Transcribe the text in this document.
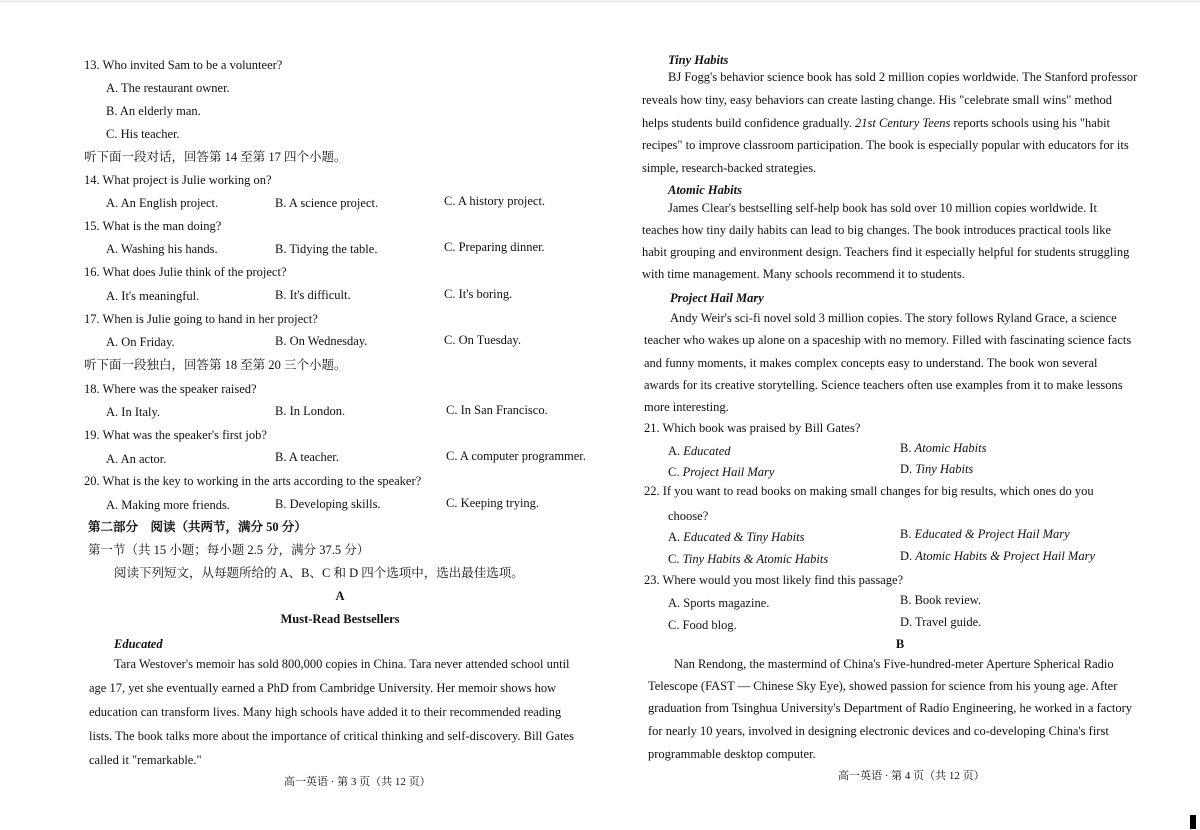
13. Who invited Sam to be a volunteer?
A. The restaurant owner.
B. An elderly man.
C. His teacher.
听下面一段对话，回答第 14 至第 17 四个小题。
14. What project is Julie working on?
A. An English project.	B. A science project.	C. A history project.
15. What is the man doing?
A. Washing his hands.	B. Tidying the table.	C. Preparing dinner.
16. What does Julie think of the project?
A. It's meaningful.	B. It's difficult.	C. It's boring.
17. When is Julie going to hand in her project?
A. On Friday.	B. On Wednesday.	C. On Tuesday.
听下面一段独白，回答第 18 至第 20 三个小题。
18. Where was the speaker raised?
A. In Italy.	B. In London.	C. In San Francisco.
19. What was the speaker's first job?
A. An actor.	B. A teacher.	C. A computer programmer.
20. What is the key to working in the arts according to the speaker?
A. Making more friends.	B. Developing skills.	C. Keeping trying.
第二部分　阅读（共两节，满分 50 分）
第一节（共 15 小题；每小题 2.5 分，满分 37.5 分）
阅读下列短文，从每题所给的 A、B、C 和 D 四个选项中，选出最佳选项。
A
Must-Read Bestsellers
Educated
Tara Westover's memoir has sold 800,000 copies in China. Tara never attended school until
age 17, yet she eventually earned a PhD from Cambridge University. Her memoir shows how
education can transform lives. Many high schools have added it to their recommended reading
lists. The book talks more about the importance of critical thinking and self-discovery. Bill Gates
called it "remarkable."
高一英语 · 第 3 页（共 12 页）
Tiny Habits
BJ Fogg's behavior science book has sold 2 million copies worldwide. The Stanford professor
reveals how tiny, easy behaviors can create lasting change. His "celebrate small wins" method
helps students build confidence gradually. 21st Century Teens reports schools using his "habit
recipes" to improve classroom participation. The book is especially popular with educators for its
simple, research-backed strategies.
Atomic Habits
James Clear's bestselling self-help book has sold over 10 million copies worldwide. It
teaches how tiny daily habits can lead to big changes. The book introduces practical tools like
habit grouping and environment design. Teachers find it especially helpful for students struggling
with time management. Many schools recommend it to students.
Project Hail Mary
Andy Weir's sci-fi novel sold 3 million copies. The story follows Ryland Grace, a science
teacher who wakes up alone on a spaceship with no memory. Filled with fascinating science facts
and funny moments, it makes complex concepts easy to understand. The book won several
awards for its creative storytelling. Science teachers often use examples from it to make lessons
more interesting.
21. Which book was praised by Bill Gates?
A. Educated	B. Atomic Habits
C. Project Hail Mary	D. Tiny Habits
22. If you want to read books on making small changes for big results, which ones do you
choose?
A. Educated & Tiny Habits	B. Educated & Project Hail Mary
C. Tiny Habits & Atomic Habits	D. Atomic Habits & Project Hail Mary
23. Where would you most likely find this passage?
A. Sports magazine.	B. Book review.
C. Food blog.	D. Travel guide.
B
Nan Rendong, the mastermind of China's Five-hundred-meter Aperture Spherical Radio
Telescope (FAST — Chinese Sky Eye), showed passion for science from his young age. After
graduation from Tsinghua University's Department of Radio Engineering, he worked in a factory
for nearly 10 years, involved in designing electronic devices and co-developing China's first
programmable desktop computer.
高一英语 · 第 4 页（共 12 页）
